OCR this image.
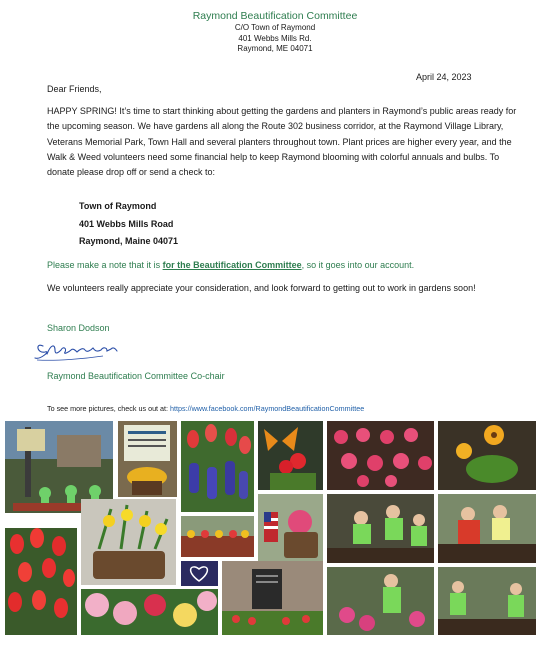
Raymond Beautification Committee
C/O Town of Raymond
401 Webbs Mills Rd.
Raymond, ME 04071
April 24, 2023
Dear Friends,
HAPPY SPRING! It’s time to start thinking about getting the gardens and planters in Raymond’s public areas ready for the upcoming season. We have gardens all along the Route 302 business corridor, at the Raymond Village Library, Veterans Memorial Park, Town Hall and several planters throughout town. Plant prices are higher every year, and the Walk & Weed volunteers need some financial help to keep Raymond blooming with colorful annuals and bulbs. To donate please drop off or send a check to:
Town of Raymond
401 Webbs Mills Road
Raymond, Maine 04071
Please make a note that it is for the Beautification Committee, so it goes into our account.
We volunteers really appreciate your consideration, and look forward to getting out to work in gardens soon!
Sharon Dodson
Raymond Beautification Committee Co-chair
To see more pictures, check us out at: https://www.facebook.com/RaymondBeautificationCommittee
